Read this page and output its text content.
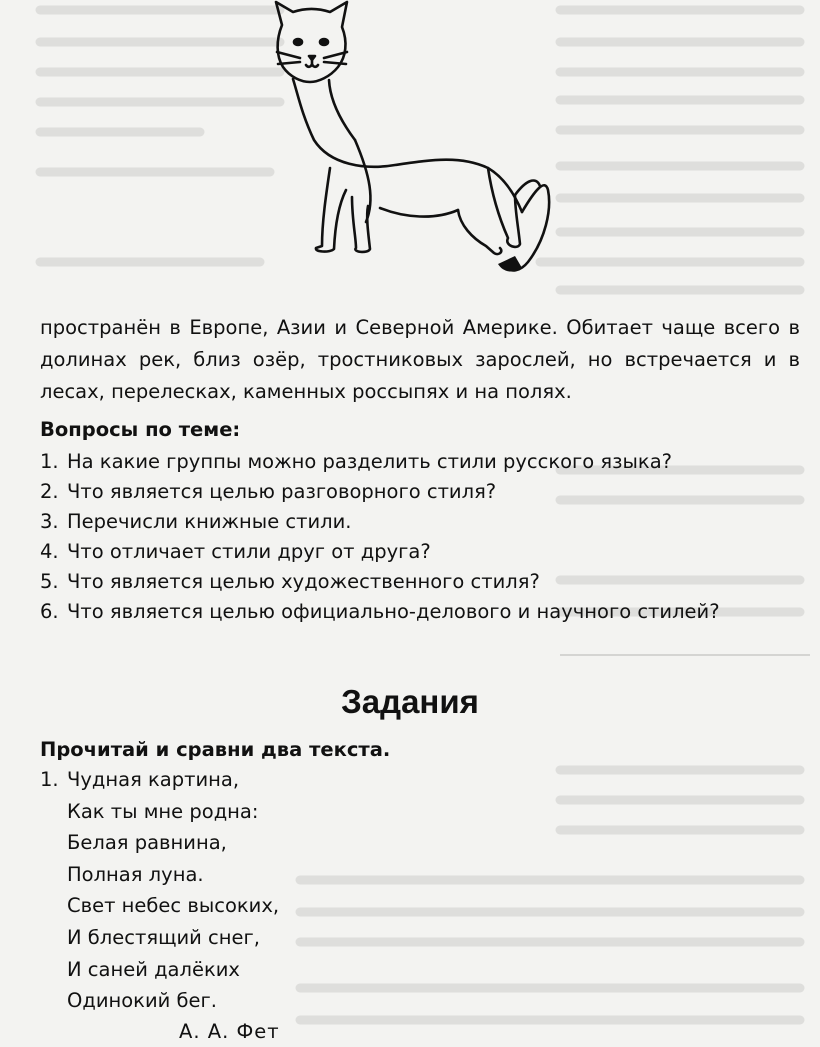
пространён в Европе, Азии и Северной Америке. Обитает чаще всего в долинах рек, близ озёр, тростниковых зарослей, но встречается и в лесах, перелесках, каменных россыпях и на полях.

Вопросы по теме:
1. На какие группы можно разделить стили русского языка?
2. Что является целью разговорного стиля?
3. Перечисли книжные стили.
4. Что отличает стили друг от друга?
5. Что является целью художественного стиля?
6. Что является целью официально-делового и научного стилей?
Задания
Прочитай и сравни два текста.
1. Чудная картина,
Как ты мне родна:
Белая равнина,
Полная луна.
Свет небес высоких,
И блестящий снег,
И саней далёких
Одинокий бег.
А. А. Фет
